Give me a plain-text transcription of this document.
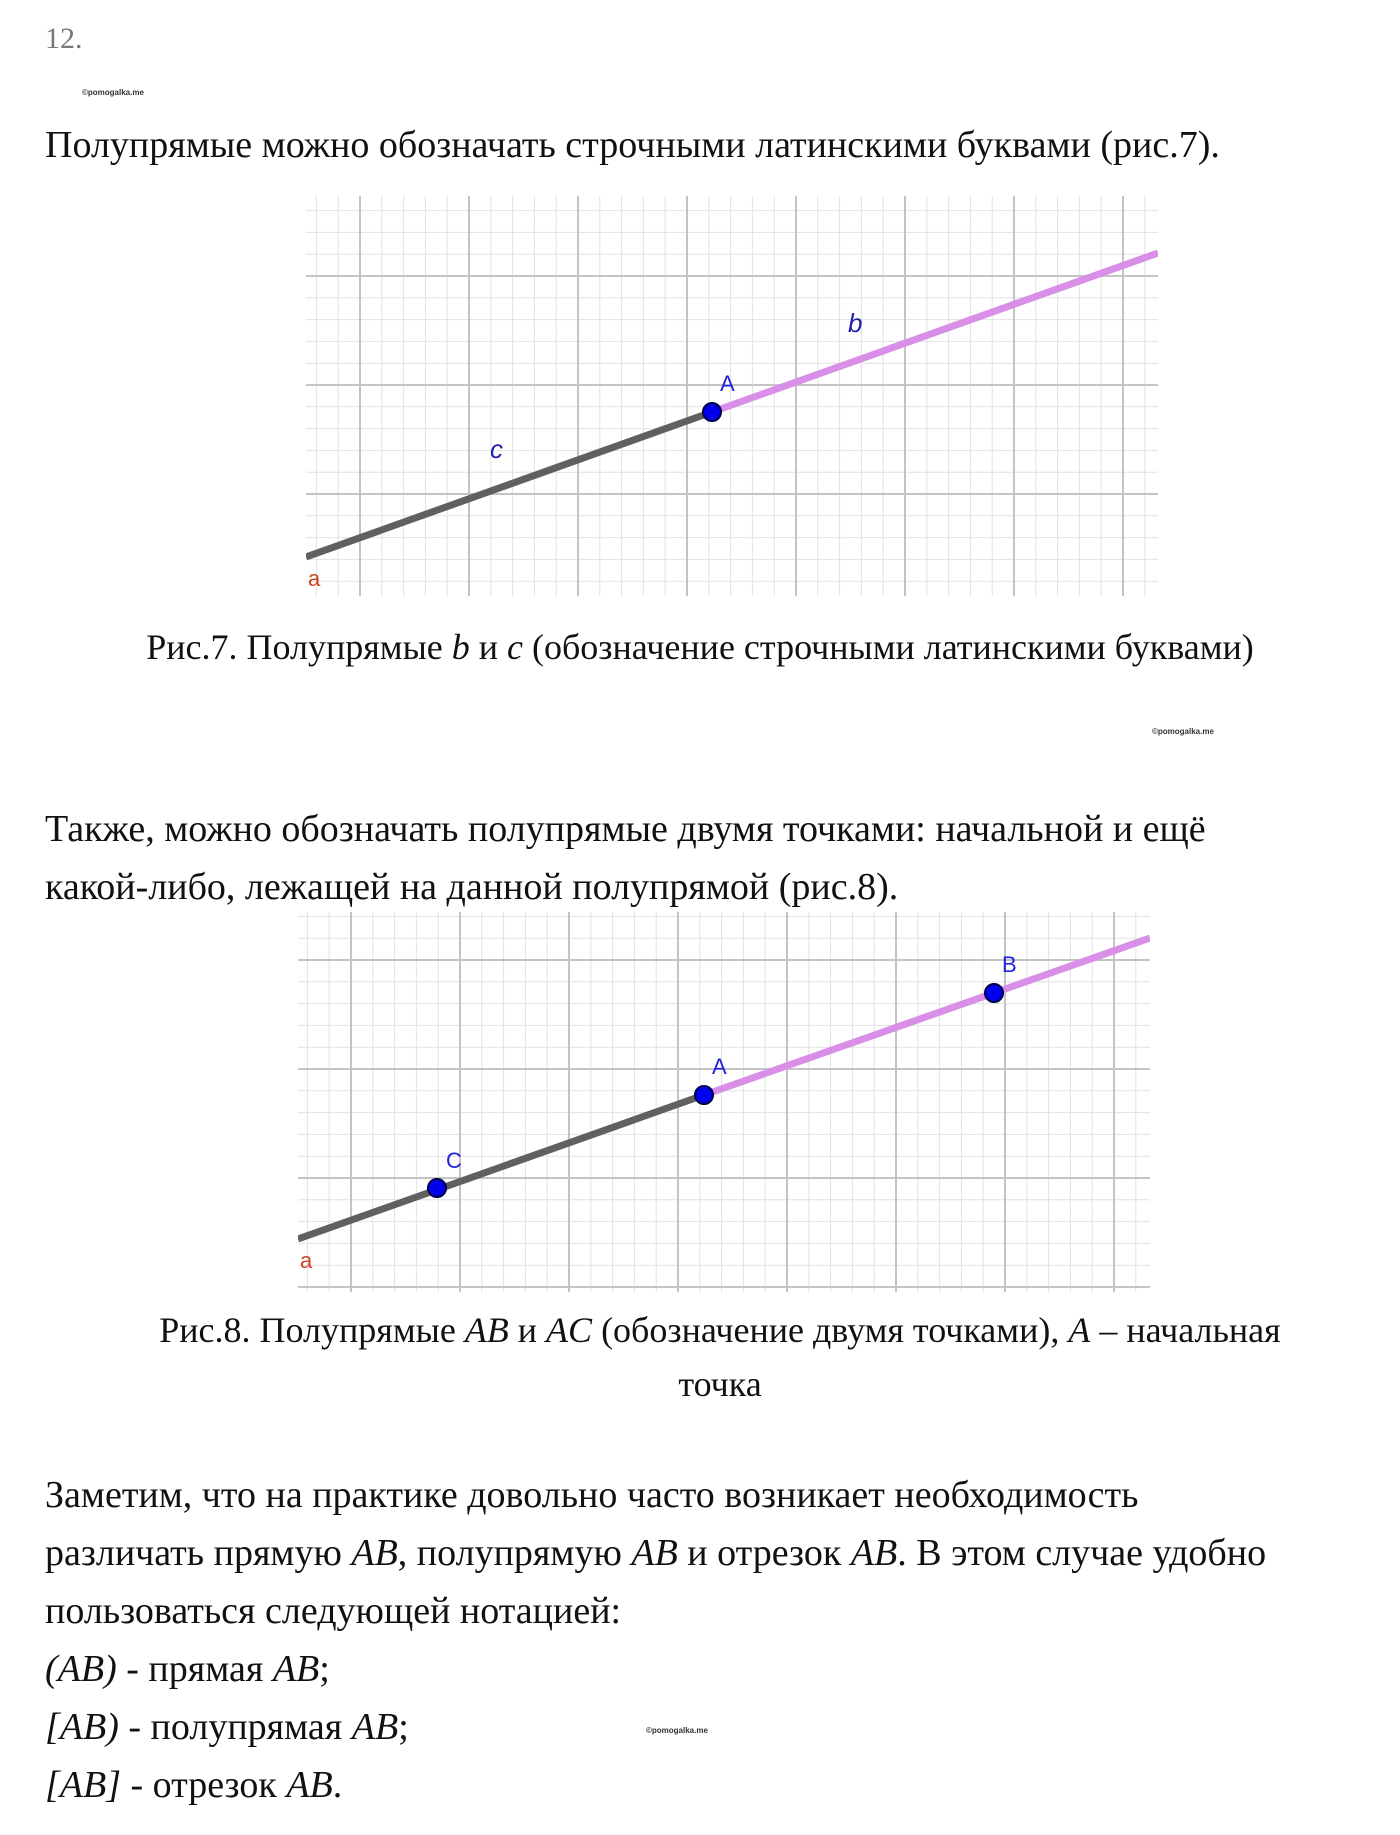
12.
©pomogalka.me
Полупрямые можно обозначать строчными латинскими буквами (рис.7).
A
b
c
a
Рис.7. Полупрямые b и c (обозначение строчными латинскими буквами)
©pomogalka.me
Также, можно обозначать полупрямые двумя точками: начальной и ещё
какой-либо, лежащей на данной полупрямой (рис.8).
C
A
B
a
Рис.8. Полупрямые AB и AC (обозначение двумя точками), A – начальная
точка
Заметим, что на практике довольно часто возникает необходимость
различать прямую AB, полупрямую AB и отрезок AB. В этом случае удобно
пользоваться следующей нотацией:
(AB) - прямая AB;
[AB) - полупрямая AB;
[AB] - отрезок AB.
©pomogalka.me
